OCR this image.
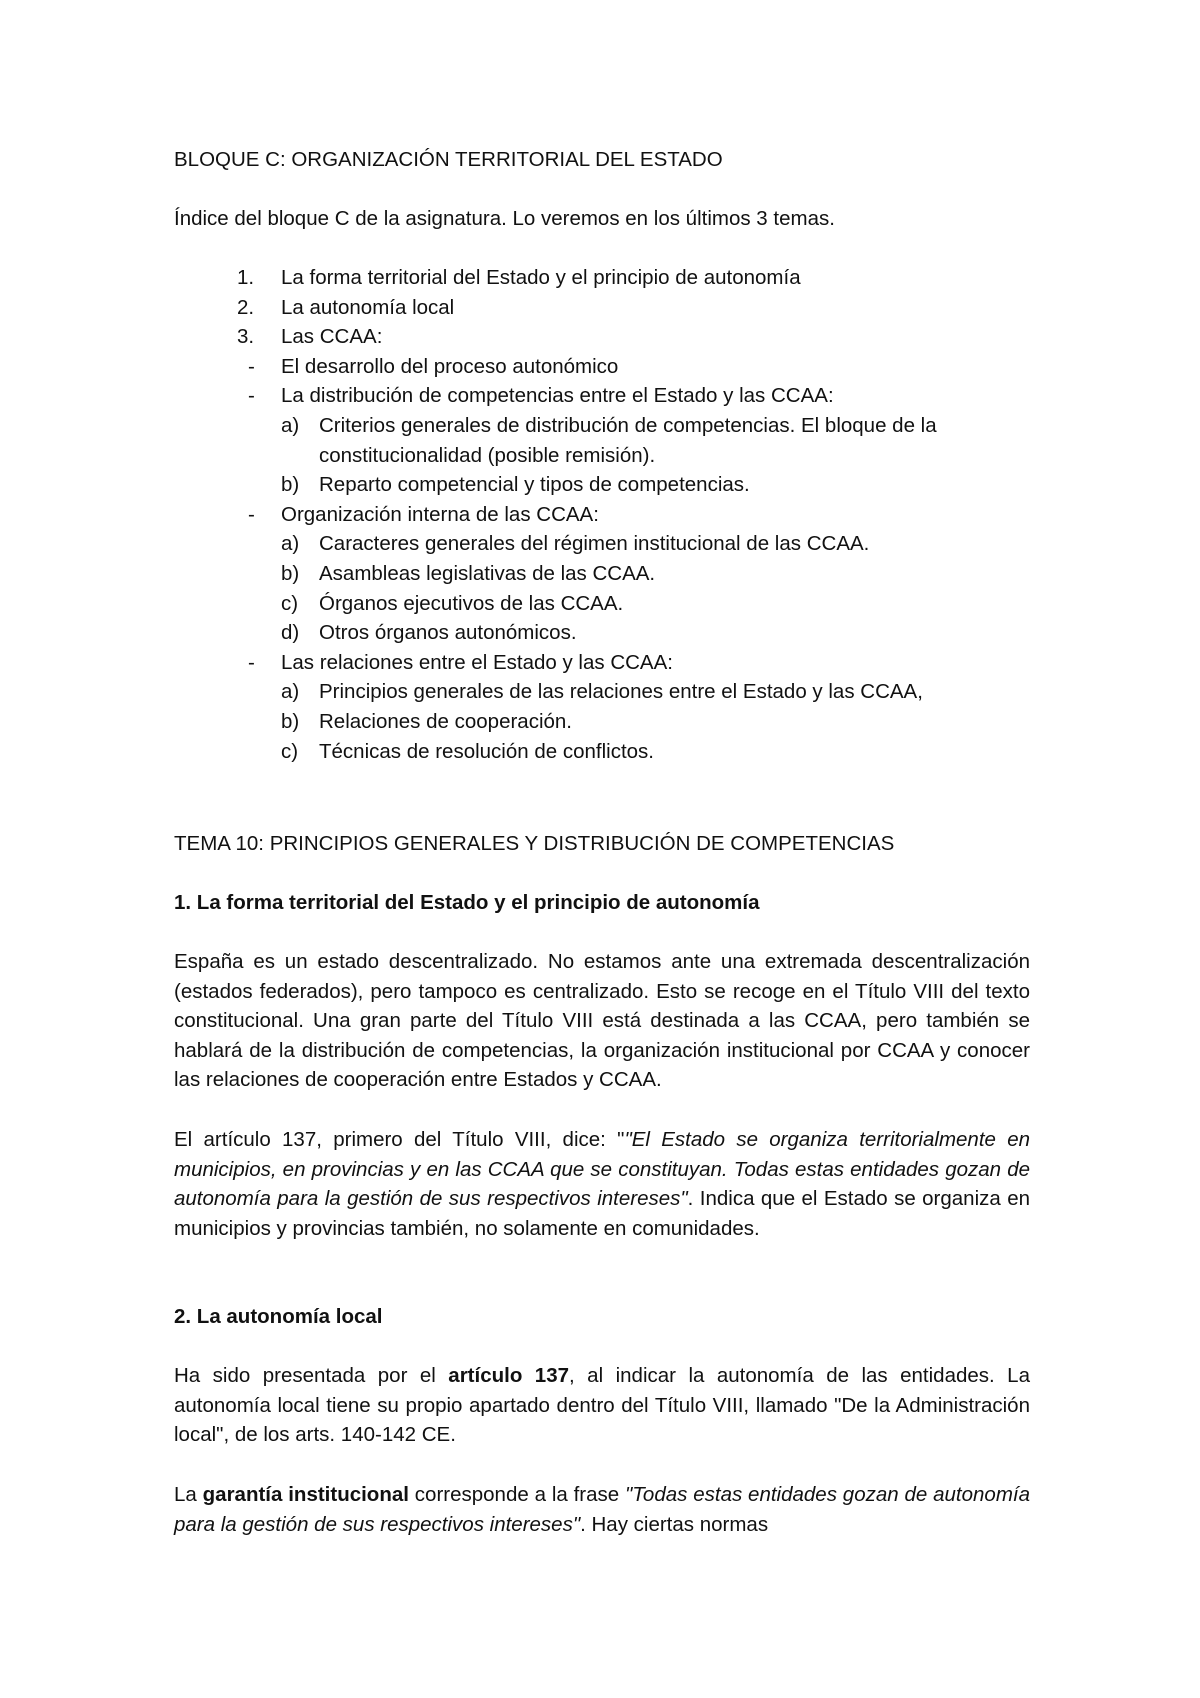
BLOQUE C: ORGANIZACIÓN TERRITORIAL DEL ESTADO
Índice del bloque C de la asignatura. Lo veremos en los últimos 3 temas.
1. La forma territorial del Estado y el principio de autonomía
2. La autonomía local
3. Las CCAA:
- El desarrollo del proceso autonómico
- La distribución de competencias entre el Estado y las CCAA:
a) Criterios generales de distribución de competencias. El bloque de la constitucionalidad (posible remisión).
b) Reparto competencial y tipos de competencias.
- Organización interna de las CCAA:
a) Caracteres generales del régimen institucional de las CCAA.
b) Asambleas legislativas de las CCAA.
c) Órganos ejecutivos de las CCAA.
d) Otros órganos autonómicos.
- Las relaciones entre el Estado y las CCAA:
a) Principios generales de las relaciones entre el Estado y las CCAA,
b) Relaciones de cooperación.
c) Técnicas de resolución de conflictos.
TEMA 10: PRINCIPIOS GENERALES Y DISTRIBUCIÓN DE COMPETENCIAS
1. La forma territorial del Estado y el principio de autonomía

España es un estado descentralizado. No estamos ante una extremada descentralización (estados federados), pero tampoco es centralizado. Esto se recoge en el Título VIII del texto constitucional. Una gran parte del Título VIII está destinada a las CCAA, pero también se hablará de la distribución de competencias, la organización institucional por CCAA y conocer las relaciones de cooperación entre Estados y CCAA.

El artículo 137, primero del Título VIII, dice: ""El Estado se organiza territorialmente en municipios, en provincias y en las CCAA que se constituyan. Todas estas entidades gozan de autonomía para la gestión de sus respectivos intereses". Indica que el Estado se organiza en municipios y provincias también, no solamente en comunidades.

2. La autonomía local

Ha sido presentada por el artículo 137, al indicar la autonomía de las entidades. La autonomía local tiene su propio apartado dentro del Título VIII, llamado "De la Administración local", de los arts. 140-142 CE.

La garantía institucional corresponde a la frase "Todas estas entidades gozan de autonomía para la gestión de sus respectivos intereses". Hay ciertas normas
